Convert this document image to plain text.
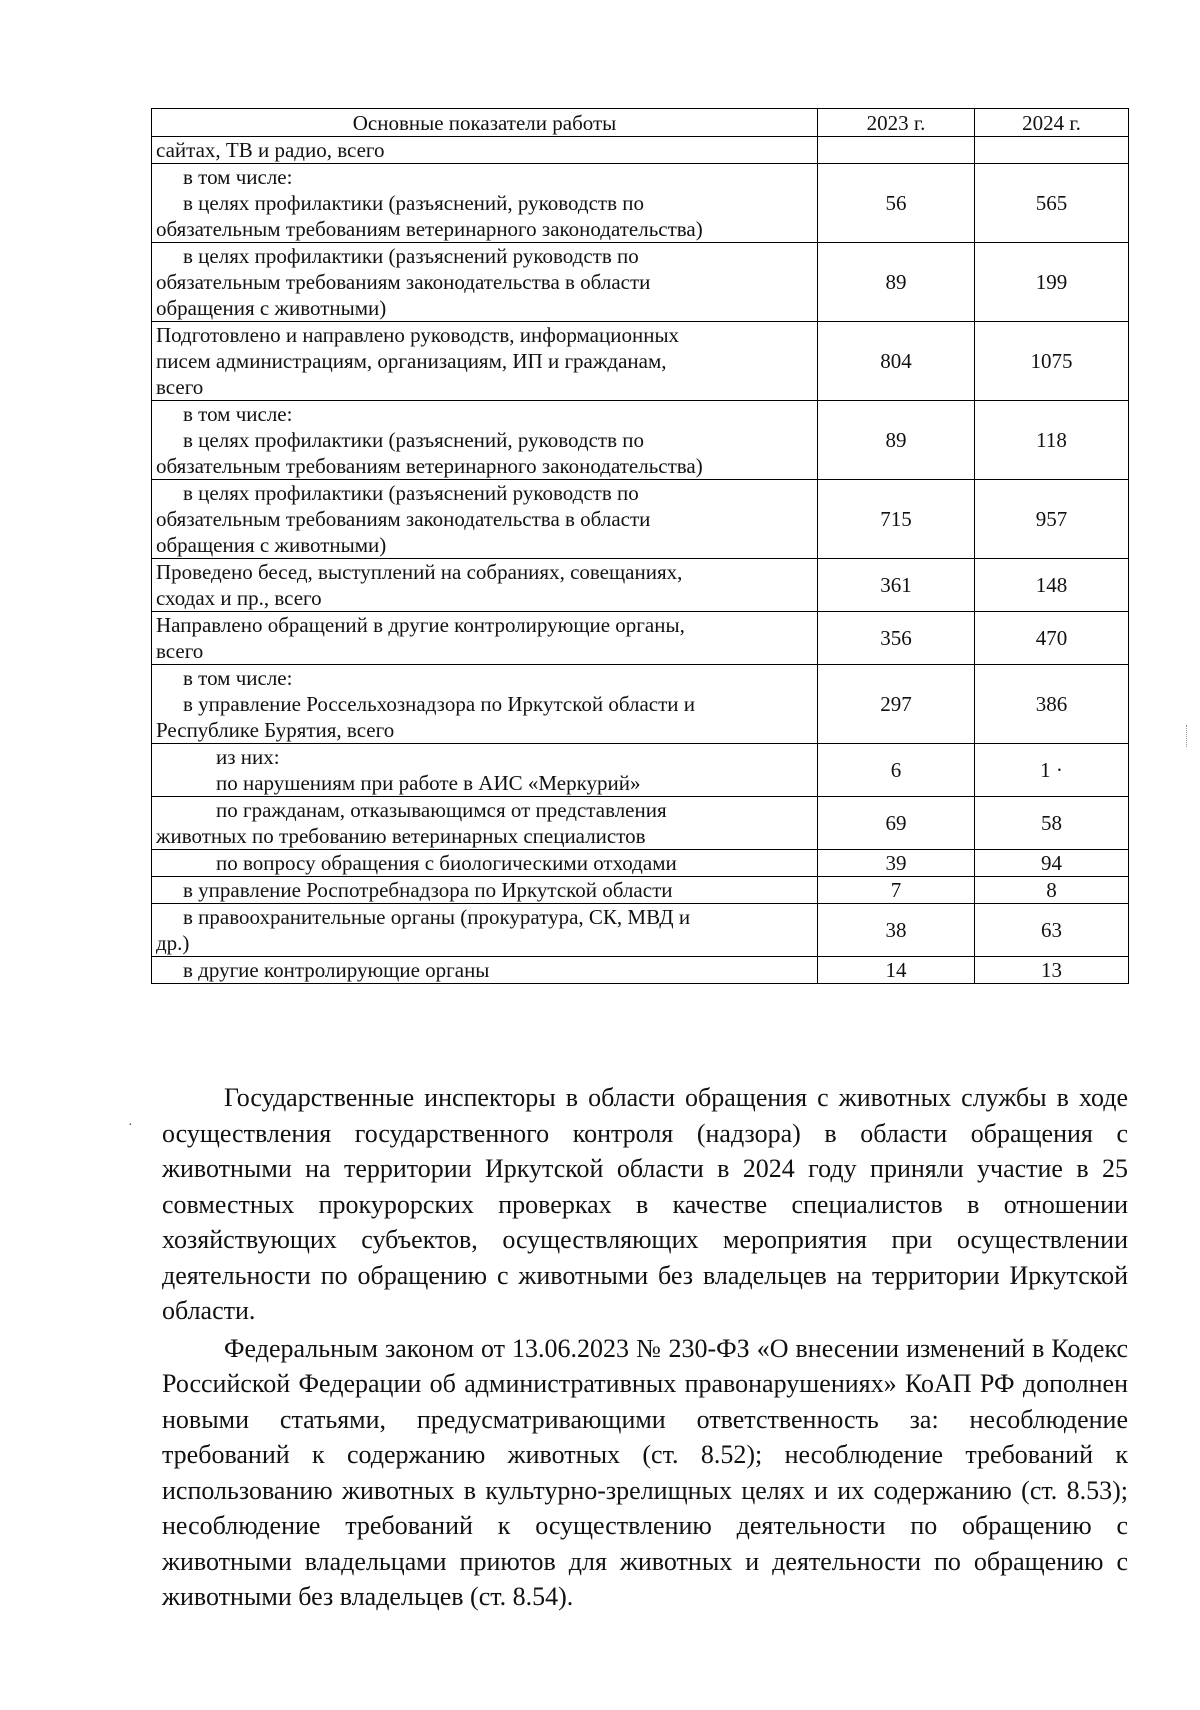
Основные показатели работы	2023 г.	2024 г.

сайтах, ТВ и радио, всего		

в том числе:
в целях профилактики (разъяснений, руководств по
обязательным требованиям ветеринарного законодательства)	56	565

в целях профилактики (разъяснений руководств по
обязательным требованиям законодательства в области
обращения с животными)	89	199

Подготовлено и направлено руководств, информационных
писем администрациям, организациям, ИП и гражданам,
всего	804	1075

в том числе:
в целях профилактики (разъяснений, руководств по
обязательным требованиям ветеринарного законодательства)	89	118

в целях профилактики (разъяснений руководств по
обязательным требованиям законодательства в области
обращения с животными)	715	957

Проведено бесед, выступлений на собраниях, совещаниях,
сходах и пр., всего	361	148

Направлено обращений в другие контролирующие органы,
всего	356	470

в том числе:
в управление Россельхознадзора по Иркутской области и
Республике Бурятия, всего	297	386

из них:
по нарушениям при работе в АИС «Меркурий»	6	1 ·

по гражданам, отказывающимся от представления
животных по требованию ветеринарных специалистов	69	58

по вопросу обращения с биологическими отходами	39	94

в управление Роспотребнадзора по Иркутской области	7	8

в правоохранительные органы (прокуратура, СК, МВД и
др.)	38	63

в другие контролирующие органы	14	13
·

Государственные инспекторы в области обращения с животных службы в ходе осуществления государственного контроля (надзора) в области обращения с животными на территории Иркутской области в 2024 году приняли участие в 25 совместных прокурорских проверках в качестве специалистов в отношении хозяйствующих субъектов, осуществляющих мероприятия при осуществлении деятельности по обращению с животными без владельцев на территории Иркутской области.

Федеральным законом от 13.06.2023 № 230-ФЗ «О внесении изменений в Кодекс Российской Федерации об административных правонарушениях» КоАП РФ дополнен новыми статьями, предусматривающими ответственность за: несоблюдение требований к содержанию животных (ст. 8.52); несоблюдение требований к использованию животных в культурно-зрелищных целях и их содержанию (ст. 8.53); несоблюдение требований к осуществлению деятельности по обращению с животными владельцами приютов для животных и деятельности по обращению с животными без владельцев (ст. 8.54).
